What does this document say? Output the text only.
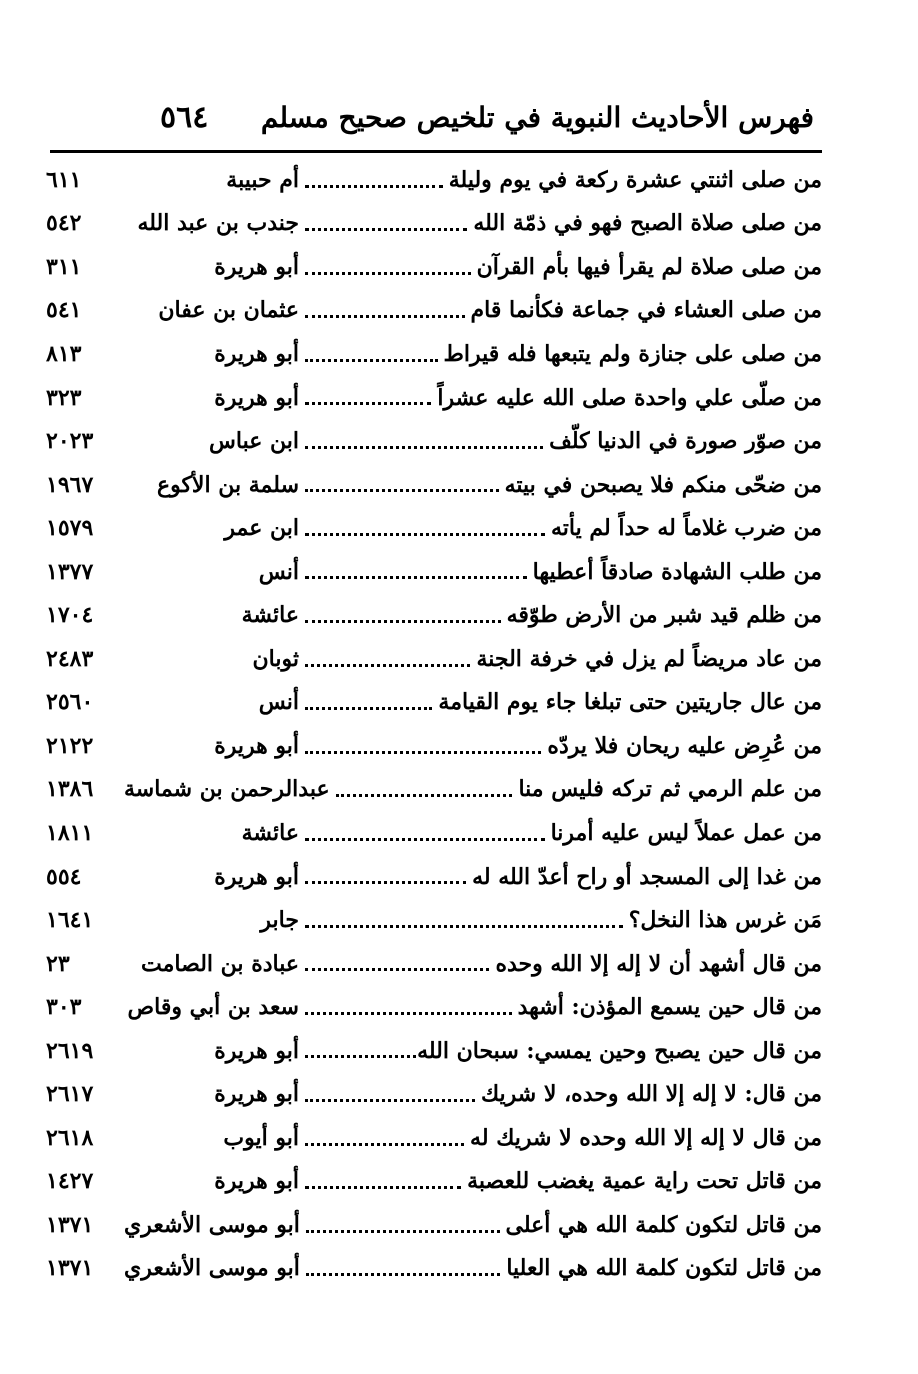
فهرس الأحاديث النبوية في تلخيص صحيح مسلم
٥٦٤
من صلى اثنتي عشرة ركعة في يوم وليلة
أم حبيبة
٦١١
من صلى صلاة الصبح فهو في ذمّة الله
جندب بن عبد الله
٥٤٢
من صلى صلاة لم يقرأ فيها بأم القرآن
أبو هريرة
٣١١
من صلى العشاء في جماعة فكأنما قام
عثمان بن عفان
٥٤١
من صلى على جنازة ولم يتبعها فله قيراط
أبو هريرة
٨١٣
من صلّى علي واحدة صلى الله عليه عشراً
أبو هريرة
٣٢٣
من صوّر صورة في الدنيا كلّف
ابن عباس
٢٠٢٣
من ضحّى منكم فلا يصبحن في بيته
سلمة بن الأكوع
١٩٦٧
من ضرب غلاماً له حداً لم يأته
ابن عمر
١٥٧٩
من طلب الشهادة صادقاً أعطيها
أنس
١٣٧٧
من ظلم قيد شبر من الأرض طوّقه
عائشة
١٧٠٤
من عاد مريضاً لم يزل في خرفة الجنة
ثوبان
٢٤٨٣
من عال جاريتين حتى تبلغا جاء يوم القيامة
أنس
٢٥٦٠
من عُرِض عليه ريحان فلا يردّه
أبو هريرة
٢١٢٢
من علم الرمي ثم تركه فليس منا
عبدالرحمن بن شماسة
١٣٨٦
من عمل عملاً ليس عليه أمرنا
عائشة
١٨١١
من غدا إلى المسجد أو راح أعدّ الله له
أبو هريرة
٥٥٤
مَن غرس هذا النخل؟
جابر
١٦٤١
من قال أشهد أن لا إله إلا الله وحده
عبادة بن الصامت
٢٣
من قال حين يسمع المؤذن: أشهد
سعد بن أبي وقاص
٣٠٣
من قال حين يصبح وحين يمسي: سبحان الله
أبو هريرة
٢٦١٩
من قال: لا إله إلا الله وحده، لا شريك
أبو هريرة
٢٦١٧
من قال لا إله إلا الله وحده لا شريك له
أبو أيوب
٢٦١٨
من قاتل تحت راية عمية يغضب للعصبة
أبو هريرة
١٤٢٧
من قاتل لتكون كلمة الله هي أعلى
أبو موسى الأشعري
١٣٧١
من قاتل لتكون كلمة الله هي العليا
أبو موسى الأشعري
١٣٧١
